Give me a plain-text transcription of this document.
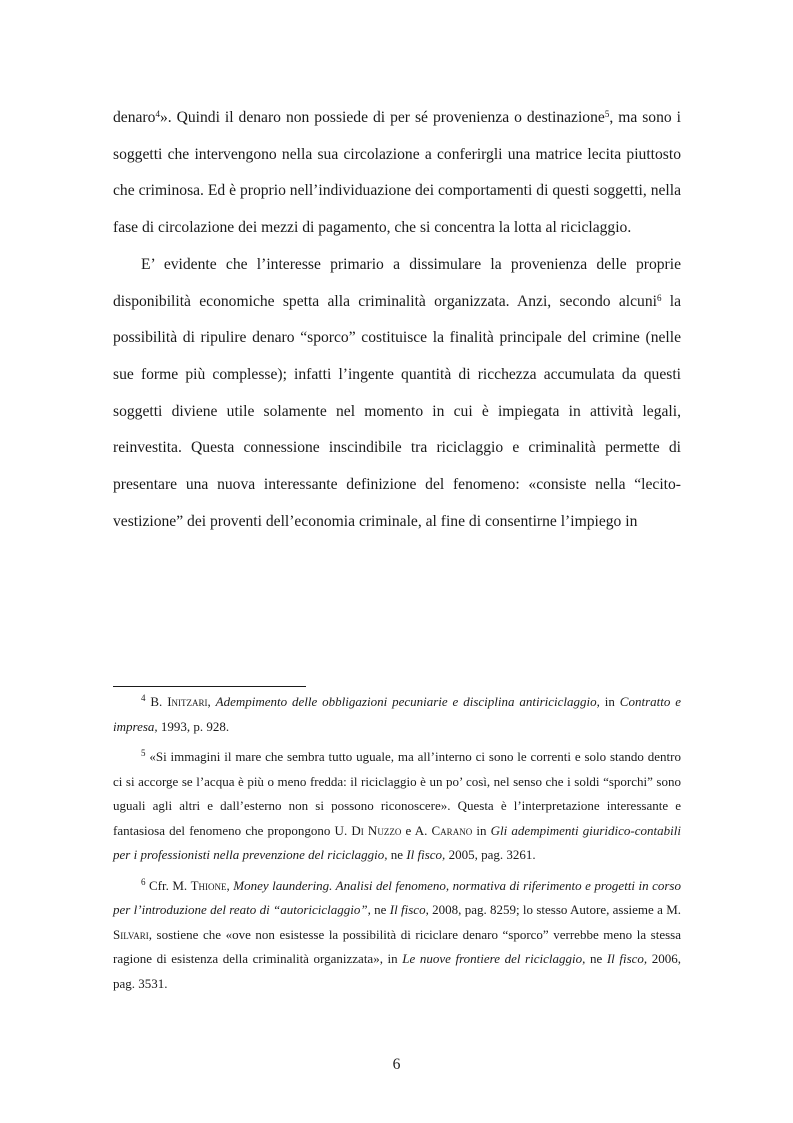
denaro$^4$». Quindi il denaro non possiede di per sé provenienza o destinazione$^5$, ma sono i soggetti che intervengono nella sua circolazione a conferirgli una matrice lecita piuttosto che criminosa. Ed è proprio nell’individuazione dei comportamenti di questi soggetti, nella fase di circolazione dei mezzi di pagamento, che si concentra la lotta al riciclaggio.

E’ evidente che l’interesse primario a dissimulare la provenienza delle proprie disponibilità economiche spetta alla criminalità organizzata. Anzi, secondo alcuni$^6$ la possibilità di ripulire denaro “sporco” costituisce la finalità principale del crimine (nelle sue forme più complesse); infatti l’ingente quantità di ricchezza accumulata da questi soggetti diviene utile solamente nel momento in cui è impiegata in attività legali, reinvestita. Questa connessione inscindibile tra riciclaggio e criminalità permette di presentare una nuova interessante definizione del fenomeno: «consiste nella “lecito-vestizione” dei proventi dell’economia criminale, al fine di consentirne l’impiego in

$^4$ B. Initzari, Adempimento delle obbligazioni pecuniarie e disciplina antiriciclaggio, in Contratto e impresa, 1993, p. 928.

$^5$ «Si immagini il mare che sembra tutto uguale, ma all’interno ci sono le correnti e solo stando dentro ci si accorge se l’acqua è più o meno fredda: il riciclaggio è un po’ così, nel senso che i soldi “sporchi” sono uguali agli altri e dall’esterno non si possono riconoscere». Questa è l’interpretazione interessante e fantasiosa del fenomeno che propongono U. Di Nuzzo e A. Carano in Gli adempimenti giuridico-contabili per i professionisti nella prevenzione del riciclaggio, ne Il fisco, 2005, pag. 3261.

$^6$ Cfr. M. Thione, Money laundering. Analisi del fenomeno, normativa di riferimento e progetti in corso per l’introduzione del reato di “autoriciclaggio”, ne Il fisco, 2008, pag. 8259; lo stesso Autore, assieme a M. Silvari, sostiene che «ove non esistesse la possibilità di riciclare denaro “sporco” verrebbe meno la stessa ragione di esistenza della criminalità organizzata», in Le nuove frontiere del riciclaggio, ne Il fisco, 2006, pag. 3531.

6
